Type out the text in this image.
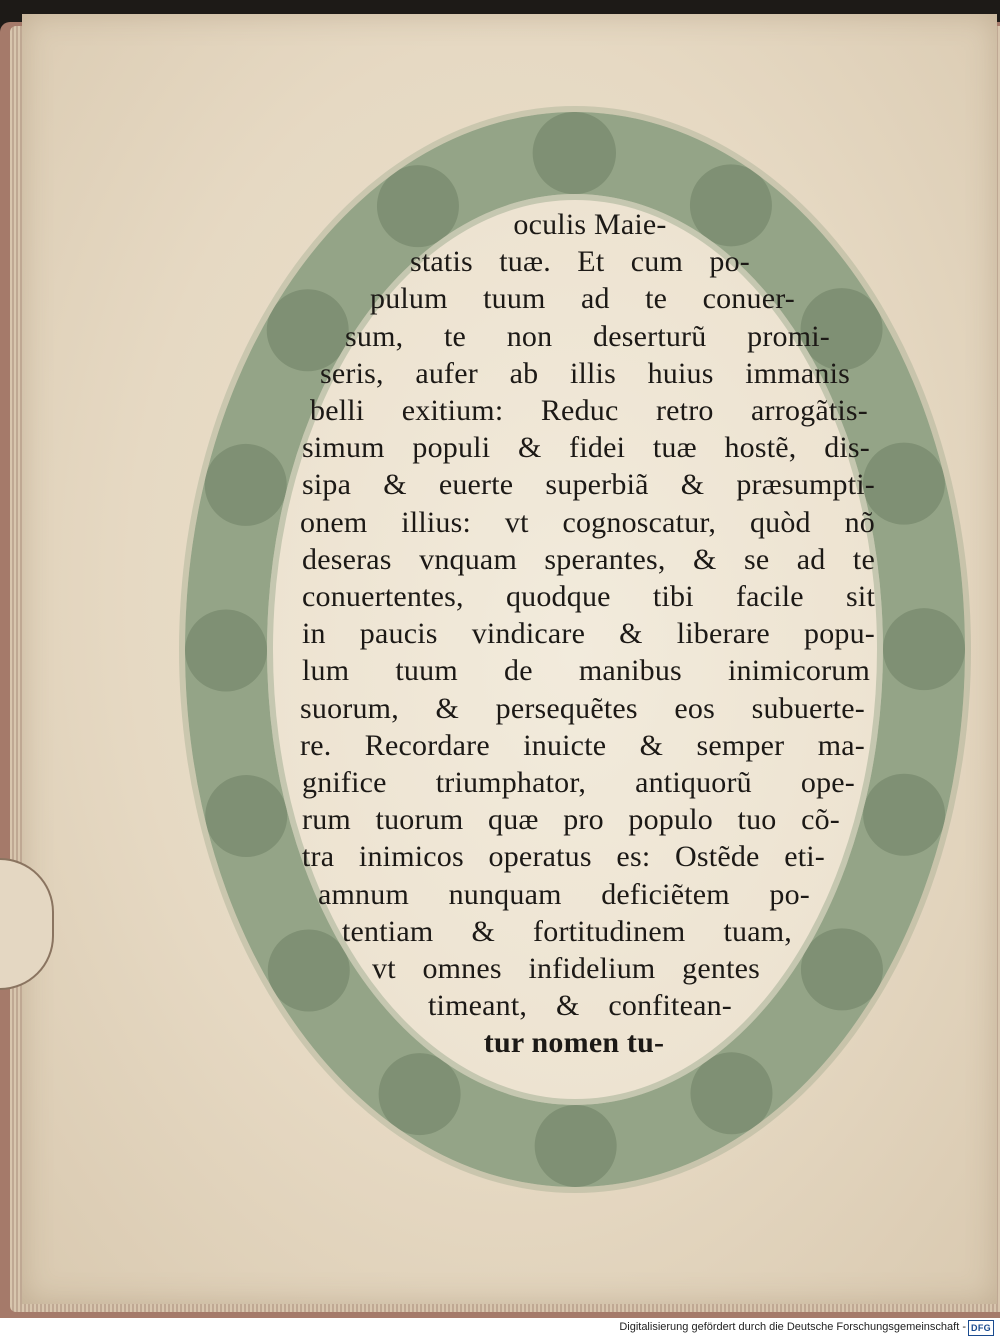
oculis Maie-
statis tuæ. Et cum po-
pulum tuum ad te conuer-
sum, te non deserturũ promi-
seris, aufer ab illis huius immanis
belli exitium: Reduc retro arrogãtis-
simum populi & fidei tuæ hostẽ, dis-
sipa & euerte superbiã & præsumpti-
onem illius: vt cognoscatur, quòd nõ
deseras vnquam sperantes, & se ad te
conuertentes, quodque tibi facile sit
in paucis vindicare & liberare popu-
lum tuum de manibus inimicorum
suorum, & persequẽtes eos subuerte-
re. Recordare inuicte & semper ma-
gnifice triumphator, antiquorũ ope-
rum tuorum quæ pro populo tuo cõ-
tra inimicos operatus es: Ostẽde eti-
amnum nunquam deficiẽtem po-
tentiam & fortitudinem tuam,
vt omnes infidelium gentes
timeant, & confitean-
tur nomen tu-
Digitalisierung gefördert durch die Deutsche Forschungsgemeinschaft - DFG
